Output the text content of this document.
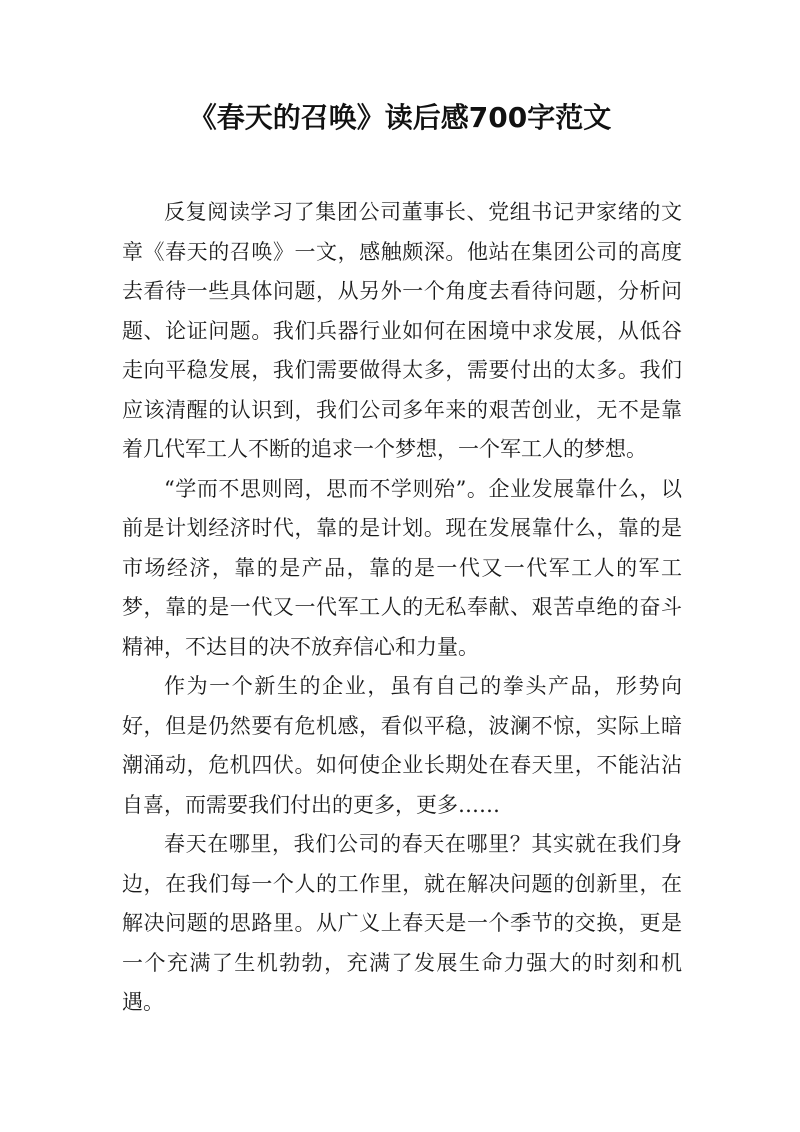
《春天的召唤》读后感700字范文

反复阅读学习了集团公司董事长、党组书记尹家绪的文章《春天的召唤》一文，感触颇深。他站在集团公司的高度去看待一些具体问题，从另外一个角度去看待问题，分析问题、论证问题。我们兵器行业如何在困境中求发展，从低谷走向平稳发展，我们需要做得太多，需要付出的太多。我们应该清醒的认识到，我们公司多年来的艰苦创业，无不是靠着几代军工人不断的追求一个梦想，一个军工人的梦想。

“学而不思则罔，思而不学则殆”。企业发展靠什么，以前是计划经济时代，靠的是计划。现在发展靠什么，靠的是市场经济，靠的是产品，靠的是一代又一代军工人的军工梦，靠的是一代又一代军工人的无私奉献、艰苦卓绝的奋斗精神，不达目的决不放弃信心和力量。

作为一个新生的企业，虽有自己的拳头产品，形势向好，但是仍然要有危机感，看似平稳，波澜不惊，实际上暗潮涌动，危机四伏。如何使企业长期处在春天里，不能沾沾自喜，而需要我们付出的更多，更多……

春天在哪里，我们公司的春天在哪里？其实就在我们身边，在我们每一个人的工作里，就在解决问题的创新里，在解决问题的思路里。从广义上春天是一个季节的交换，更是一个充满了生机勃勃，充满了发展生命力强大的时刻和机遇。
